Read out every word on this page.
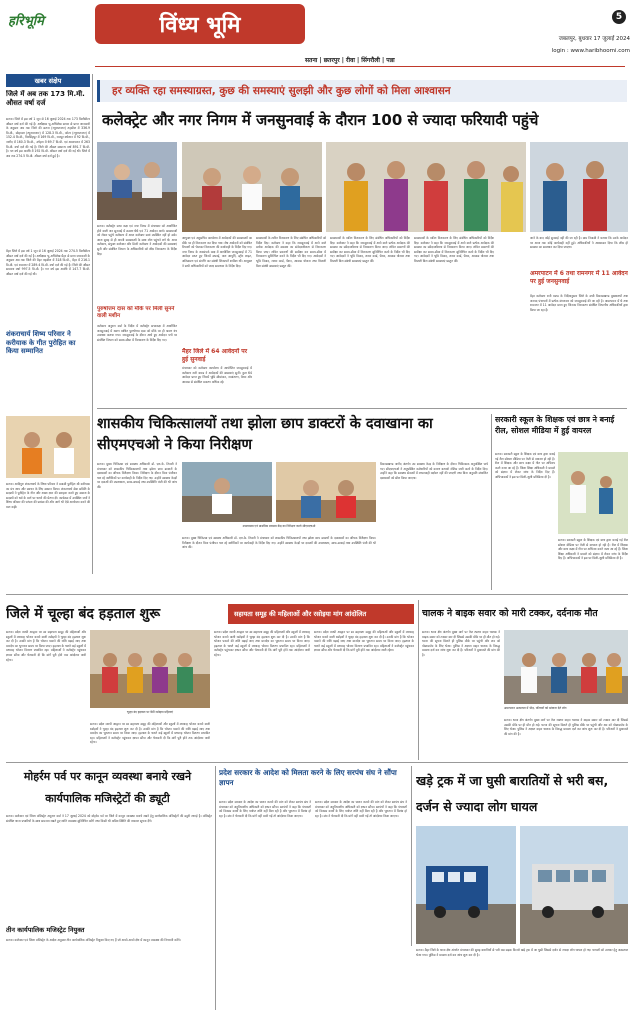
हरिभूमि	विंध्य भूमि	5
जबलपुर, बुधवार 17 जुलाई 2024
login : www.haribhoomi.com
सतना | छतरपुर | रीवा | सिंगरौली | पन्ना
खबर संक्षेप
जिले में अब तक 173 मि.मी. औसत वर्षा दर्ज
सतना। जिले में इस वर्ष 1 जून से 16 जुलाई 2024 तक 173 मिलीमीटर औसत वर्षा दर्ज की गई है। अधीक्षक भू-अभिलेख सतना से प्राप्त जानकारी के अनुसार अब तक जिले की सतना (रघुराजनगर) तहसील में 336.9 मि.मी., सोहावल (रघुराजनगर) में 128.3 मि.मी., कोटर (रघुराजनगर) में 152.4 मि.मी., बिरसिंहपुर में 169 मि.मी., रामपुर बघेलान में 92 मि.मी., नागौद में 160.3 मि.मी., उचेहरा में 69.7 मि.मी. एवं अमरपाटन में 263 मि.मी. वर्षा दर्ज की गई है। जिले की औसत सामान्य वर्षा 891.7 मि.मी. है। गत वर्ष इस अवधि में 192 मि.मी. औसत वर्षा दर्ज की गई थी। जिले में अब तक 274.5 मि.मी. औसत वर्षा दर्ज हुई है।
मैहर जिले में इस वर्ष 1 जून से 16 जुलाई 2024 तक 274.5 मिलीमीटर औसत वर्षा दर्ज की गई है। अधीक्षक भू-अभिलेख मैहर से प्राप्त जानकारी के अनुसार अब तक जिले की मैहर तहसील में 318 मि.मी., मैहर में 216.1 मि.मी. एवं रामनगर में 289.4 मि.मी. वर्षा दर्ज की गई है। जिले की औसत सामान्य वर्षा 997.5 मि.मी. है। गत वर्ष इस अवधि में 147.7 मि.मी. औसत वर्षा दर्ज की गई थी।
शंकराचार्य शिष्य परिवार ने करीयाक के गीत पुरोहित का किया सम्मानित
हर व्यक्ति रहा समस्याग्रस्त, कुछ की समस्याएं सुलझी और कुछ लोगों को मिला आश्वासन
कलेक्ट्रेट और नगर निगम में जनसुनवाई के दौरान 100 से ज्यादा फरियादी पहुंचे
सतना। कलेक्ट्रेट सभा कक्ष एवं नगर निगम में मंगलवार को आयोजित होने वाली जन सुनवाई में क्रमशः 66 एवं 71 आवेदन आये। समस्याओं को लेकर पहुंचे कलेक्टर में आज कलेक्टर स्वयं उपस्थित नहीं हो सके। आज सुबह से ही अपनी समस्याओं के साथ लोग पहुंचने लगे थे। अपर कलेक्टर, संयुक्त कलेक्टर और डिप्टी कलेक्टर ने आवेदकों की समस्याएं सुनी और संबंधित विभाग के अधिकारियों को शीघ्र निराकरण के निर्देश दिए।
पुरुषोत्तम दास को मौके पर मिली सुनने वाली मशीन
कलेक्टर अनुराग वर्मा के निर्देश में कलेक्ट्रेट सभाकक्ष में आयोजित जनसुनवाई में श्रवण बाधित पुरुषोत्तम दास को मौके पर ही श्रवण यंत्र उपलब्ध कराया गया। जनसुनवाई के दौरान आये हुए आवेदन पत्रों पर संबंधित विभाग को समय-सीमा में निराकरण के निर्देश दिए गए।
आयुक्त एवं अनुसचिव कार्यालय में आवेदकों की समस्याओं का मौके पर ही निराकरण कर दिया गया। शेष आवेदनों को संबंधित विभागों को भेजकर निराकरण की कार्यवाही के निर्देश दिए गए। नगर निगम के जनसंपर्क कक्ष में आयोजित जनसुनवाई में 71 आवेदन प्राप्त हुए जिनमें सफाई, जल आपूर्ति, स्ट्रीट लाइट, अतिक्रमण एवं संपत्ति कर संबंधी शिकायतें शामिल थीं। आयुक्त ने सभी अधिकारियों को जल्द समाधान के निर्देश दिए।
मैहर जिले में 64 आवेदनों पर हुई सुनवाई
मंगलवार को कलेक्टर कार्यालय में आयोजित जनसुनवाई में कलेक्टर रानी बाटड ने आवेदकों की समस्याएं सुनीं। कुल 64 आवेदन प्राप्त हुए जिनमें भूमि सीमांकन, नामांतरण, पेंशन और आवास से संबंधित प्रकरण अधिक रहे।
समस्याओं के त्वरित निराकरण के लिए संबंधित अधिकारियों को निर्देश दिए। कलेक्टर ने कहा कि जनसुनवाई में आने वाले प्रत्येक आवेदक की समस्या का संवेदनशीलता से निराकरण किया जाए। लंबित प्रकरणों की समीक्षा कर समय-सीमा में निराकरण सुनिश्चित करने के निर्देश भी दिए गए। आवेदकों ने भूमि विवाद, राशन कार्ड, पेंशन, आवास योजना तथा बिजली बिल संबंधी समस्याएं प्रस्तुत कीं।
समस्याओं के त्वरित निराकरण के लिए संबंधित अधिकारियों को निर्देश दिए। कलेक्टर ने कहा कि जनसुनवाई में आने वाले प्रत्येक आवेदक की समस्या का संवेदनशीलता से निराकरण किया जाए। लंबित प्रकरणों की समीक्षा कर समय-सीमा में निराकरण सुनिश्चित करने के निर्देश भी दिए गए। आवेदकों ने भूमि विवाद, राशन कार्ड, पेंशन, आवास योजना तथा बिजली बिल संबंधी समस्याएं प्रस्तुत कीं।
समस्याओं के त्वरित निराकरण के लिए संबंधित अधिकारियों को निर्देश दिए। कलेक्टर ने कहा कि जनसुनवाई में आने वाले प्रत्येक आवेदक की समस्या का संवेदनशीलता से निराकरण किया जाए। लंबित प्रकरणों की समीक्षा कर समय-सीमा में निराकरण सुनिश्चित करने के निर्देश भी दिए गए। आवेदकों ने भूमि विवाद, राशन कार्ड, पेंशन, आवास योजना तथा बिजली बिल संबंधी समस्याएं प्रस्तुत कीं।
जाने के बाद कोई सुनवाई नहीं की जा रही है। ग्राम निवासी ने बताया कि उनके आवेदन पर आज तक कोई कार्यवाही नहीं हुई। अधिकारियों ने आश्वासन दिया कि शीघ्र ही समस्या का समाधान कर दिया जाएगा।
अमरपाटन में 6 तथा रामनगर में 11 आवेदन पर हुई जनसुनवाई
मैहर कलेक्टर रानी बाटड के निर्देशानुसार जिले के सभी विकासखण्ड मुख्यालयों तथा जनपद पंचायतों में प्रत्येक मंगलवार को जनसुनवाई की जा रही है। अमरपाटन में 6 तथा रामनगर में 11 आवेदन प्राप्त हुए जिनका निराकरण संबंधित विभागीय अधिकारियों द्वारा किया जा रहा है।
शासकीय चिकित्सालयों तथा झोला छाप डाक्टरों के दवाखाना का सीएमएचओ ने किया निरीक्षण
सतना। मुख्य चिकित्सा एवं स्वास्थ्य अधिकारी डॉ. एल.के. तिवारी ने मंगलवार को शासकीय चिकित्सालयों तथा झोला छाप डाक्टरों के दवाखानों का औचक निरीक्षण किया। निरीक्षण के दौरान बिना पंजीयन चल रहे क्लीनिकों पर कार्यवाही के निर्देश दिए गए। उन्होंने स्वास्थ्य केन्द्रों पर दवाओं की उपलब्धता, साफ-सफाई तथा उपस्थिति पंजी की भी जांच की।
उपस्वास्थ्य एवं प्राथमिक स्वास्थ्य केंद्र का निरीक्षण करते सीएमएचओ
सतना। मुख्य चिकित्सा एवं स्वास्थ्य अधिकारी डॉ. एल.के. तिवारी ने मंगलवार को शासकीय चिकित्सालयों तथा झोला छाप डाक्टरों के दवाखानों का औचक निरीक्षण किया। निरीक्षण के दौरान बिना पंजीयन चल रहे क्लीनिकों पर कार्यवाही के निर्देश दिए गए। उन्होंने स्वास्थ्य केन्द्रों पर दवाओं की उपलब्धता, साफ-सफाई तथा उपस्थिति पंजी की भी जांच की।
विकासखण्ड नागौद अंतर्गत उप स्वास्थ्य केन्द्र के निरीक्षण के दौरान चिकित्सक अनुपस्थित पाये गए। सीएमएचओ ने अनुपस्थित कर्मचारियों को कारण बताओ नोटिस जारी करने के निर्देश दिए। उन्होंने कहा कि स्वास्थ्य सेवाओं में लापरवाही बर्दाश्त नहीं की जाएगी तथा बिना अनुमति संचालित दवाखानों को सील किया जाएगा।
सरकारी स्कूल के शिक्षक एवं छात्र ने बनाई रील, सोशल मीडिया में हुई वायरल
सतना। सरकारी स्कूल के शिक्षक एवं छात्र द्वारा बनाई गई रील सोशल मीडिया पर तेजी से वायरल हो रही है। रील में शिक्षक और छात्र कक्षा में गीत पर अभिनय करते नजर आ रहे हैं। जिला शिक्षा अधिकारी ने मामले को संज्ञान में लेकर जांच के निर्देश दिए हैं। अभिभावकों ने इस पर मिली-जुली प्रतिक्रिया दी है।
सतना। सरकारी स्कूल के शिक्षक एवं छात्र द्वारा बनाई गई रील सोशल मीडिया पर तेजी से वायरल हो रही है। रील में शिक्षक और छात्र कक्षा में गीत पर अभिनय करते नजर आ रहे हैं। जिला शिक्षा अधिकारी ने मामले को संज्ञान में लेकर जांच के निर्देश दिए हैं। अभिभावकों ने इस पर मिली-जुली प्रतिक्रिया दी है।
सतना। आदिगुरु शंकराचार्य के शिष्य परिवार ने प्रवासी पुरोहित श्री करीयाक का मंत्र जाप और प्रवचन के लिए सम्मान किया। शंकराचार्य सेवा समिति के सदस्यों ने पुरोहित के गीत और शास्त्र ज्ञान की सराहना करते हुए समाज के सदस्यों को धर्म के मार्ग पर चलने की प्रेरणा दी। कार्यक्रम में उपस्थित जनों ने शिष्य परिवार की परंपरा की प्रशंसा की और आगे भी ऐसे आयोजन करने की बात कही।
जिले में चूल्हा बंद हड़ताल शुरू	सहायता समूह की महिलाओं और रसोइया मांग आंदोलित
सतना। प्रदेश व्यापी आह्वान पर स्व सहायता समूह की महिलाओं और स्कूलों में मध्यान्ह भोजन बनाने वाली रसोइयों ने चूल्हा बंद हड़ताल शुरू कर दी है। उनकी मांग है कि भोजन पकाने की राशि बढ़ाई जाए तथा मानदेय का भुगतान समय पर किया जाए। हड़ताल के चलते कई स्कूलों में मध्यान्ह भोजन वितरण प्रभावित रहा। महिलाओं ने कलेक्ट्रेट पहुंचकर ज्ञापन सौंपा और चेतावनी दी कि मांगें पूरी होने तक आंदोलन जारी रहेगा।
चूल्हा बंद हड़ताल पर बैठीं रसोइया महिलाएं
सतना। प्रदेश व्यापी आह्वान पर स्व सहायता समूह की महिलाओं और स्कूलों में मध्यान्ह भोजन बनाने वाली रसोइयों ने चूल्हा बंद हड़ताल शुरू कर दी है। उनकी मांग है कि भोजन पकाने की राशि बढ़ाई जाए तथा मानदेय का भुगतान समय पर किया जाए। हड़ताल के चलते कई स्कूलों में मध्यान्ह भोजन वितरण प्रभावित रहा। महिलाओं ने कलेक्ट्रेट पहुंचकर ज्ञापन सौंपा और चेतावनी दी कि मांगें पूरी होने तक आंदोलन जारी रहेगा।
सतना। प्रदेश व्यापी आह्वान पर स्व सहायता समूह की महिलाओं और स्कूलों में मध्यान्ह भोजन बनाने वाली रसोइयों ने चूल्हा बंद हड़ताल शुरू कर दी है। उनकी मांग है कि भोजन पकाने की राशि बढ़ाई जाए तथा मानदेय का भुगतान समय पर किया जाए। हड़ताल के चलते कई स्कूलों में मध्यान्ह भोजन वितरण प्रभावित रहा। महिलाओं ने कलेक्ट्रेट पहुंचकर ज्ञापन सौंपा और चेतावनी दी कि मांगें पूरी होने तक आंदोलन जारी रहेगा।
सतना। प्रदेश व्यापी आह्वान पर स्व सहायता समूह की महिलाओं और स्कूलों में मध्यान्ह भोजन बनाने वाली रसोइयों ने चूल्हा बंद हड़ताल शुरू कर दी है। उनकी मांग है कि भोजन पकाने की राशि बढ़ाई जाए तथा मानदेय का भुगतान समय पर किया जाए। हड़ताल के चलते कई स्कूलों में मध्यान्ह भोजन वितरण प्रभावित रहा। महिलाओं ने कलेक्ट्रेट पहुंचकर ज्ञापन सौंपा और चेतावनी दी कि मांगें पूरी होने तक आंदोलन जारी रहेगा।
चालक ने बाइक सवार को मारी टक्कर, दर्दनाक मौत
सतना। थाना क्षेत्र अंतर्गत मुख्य मार्ग पर तेज रफ्तार वाहन चालक ने बाइक सवार को टक्कर मार दी जिससे उसकी मौके पर ही मौत हो गई। घटना की सूचना मिलते ही पुलिस मौके पर पहुंची और शव को पोस्टमार्टम के लिए भेजा। पुलिस ने अज्ञात वाहन चालक के विरुद्ध मामला दर्ज कर जांच शुरू कर दी है। परिजनों ने मुआवजे की मांग की है।
अमरपाटन अस्पताल में भीड़, परिजनों को सांत्वना देते लोग
सतना। थाना क्षेत्र अंतर्गत मुख्य मार्ग पर तेज रफ्तार वाहन चालक ने बाइक सवार को टक्कर मार दी जिससे उसकी मौके पर ही मौत हो गई। घटना की सूचना मिलते ही पुलिस मौके पर पहुंची और शव को पोस्टमार्टम के लिए भेजा। पुलिस ने अज्ञात वाहन चालक के विरुद्ध मामला दर्ज कर जांच शुरू कर दी है। परिजनों ने मुआवजे की मांग की है।
मोहर्रम पर्व पर कानून व्यवस्था बनाये रखने कार्यपालिक मजिस्ट्रेटों की ड्यूटी
सतना। कलेक्टर एवं जिला मजिस्ट्रेट अनुराग वर्मा ने 17 जुलाई 2024 को मोहर्रम पर्व पर जिले में कानून व्यवस्था बनाये रखने हेतु कार्यपालिक मजिस्ट्रेटों की ड्यूटी लगाई है। मजिस्ट्रेट संबंधित थाना प्रभारियों के साथ समन्वय रखते हुए शांति व्यवस्था सुनिश्चित करेंगे तथा किसी भी अप्रिय स्थिति की तत्काल सूचना देंगे।
तीन कार्यपालिक मजिस्ट्रेट नियुक्त
सतना। कलेक्टर एवं जिला मजिस्ट्रेट के आदेश अनुसार तीन कार्यपालिक मजिस्ट्रेट नियुक्त किए गए हैं जो अपने-अपने क्षेत्र में कानून व्यवस्था की निगरानी करेंगे।
प्रदेश सरकार के आदेश को मिलता करने के लिए सरपंच संघ ने सौंपा ज्ञापन
सतना। प्रदेश सरकार के आदेश का पालन कराने की मांग को लेकर सरपंच संघ ने मंगलवार को अनुविभागीय अधिकारी को ज्ञापन सौंपा। सरपंचों ने कहा कि पंचायतों को विकास कार्यों के लिए पर्याप्त राशि नहीं मिल रही है और भुगतान में विलंब हो रहा है। संघ ने चेतावनी दी कि मांगें नहीं मानी गईं तो आंदोलन किया जाएगा।
सतना। प्रदेश सरकार के आदेश का पालन कराने की मांग को लेकर सरपंच संघ ने मंगलवार को अनुविभागीय अधिकारी को ज्ञापन सौंपा। सरपंचों ने कहा कि पंचायतों को विकास कार्यों के लिए पर्याप्त राशि नहीं मिल रही है और भुगतान में विलंब हो रहा है। संघ ने चेतावनी दी कि मांगें नहीं मानी गईं तो आंदोलन किया जाएगा।
खड़े ट्रक में जा घुसी बारातियों से भरी बस, दर्जन से ज्यादा लोग घायल
सतना। मैहर जिले के थाना क्षेत्र अंतर्गत मंगलवार की सुबह बारातियों से भरी बस सड़क किनारे खड़े ट्रक में जा घुसी जिससे दर्जन से ज्यादा लोग घायल हो गए। घायलों को उपचार हेतु अस्पताल भेजा गया। पुलिस ने मामला दर्ज कर जांच शुरू कर दी है।
